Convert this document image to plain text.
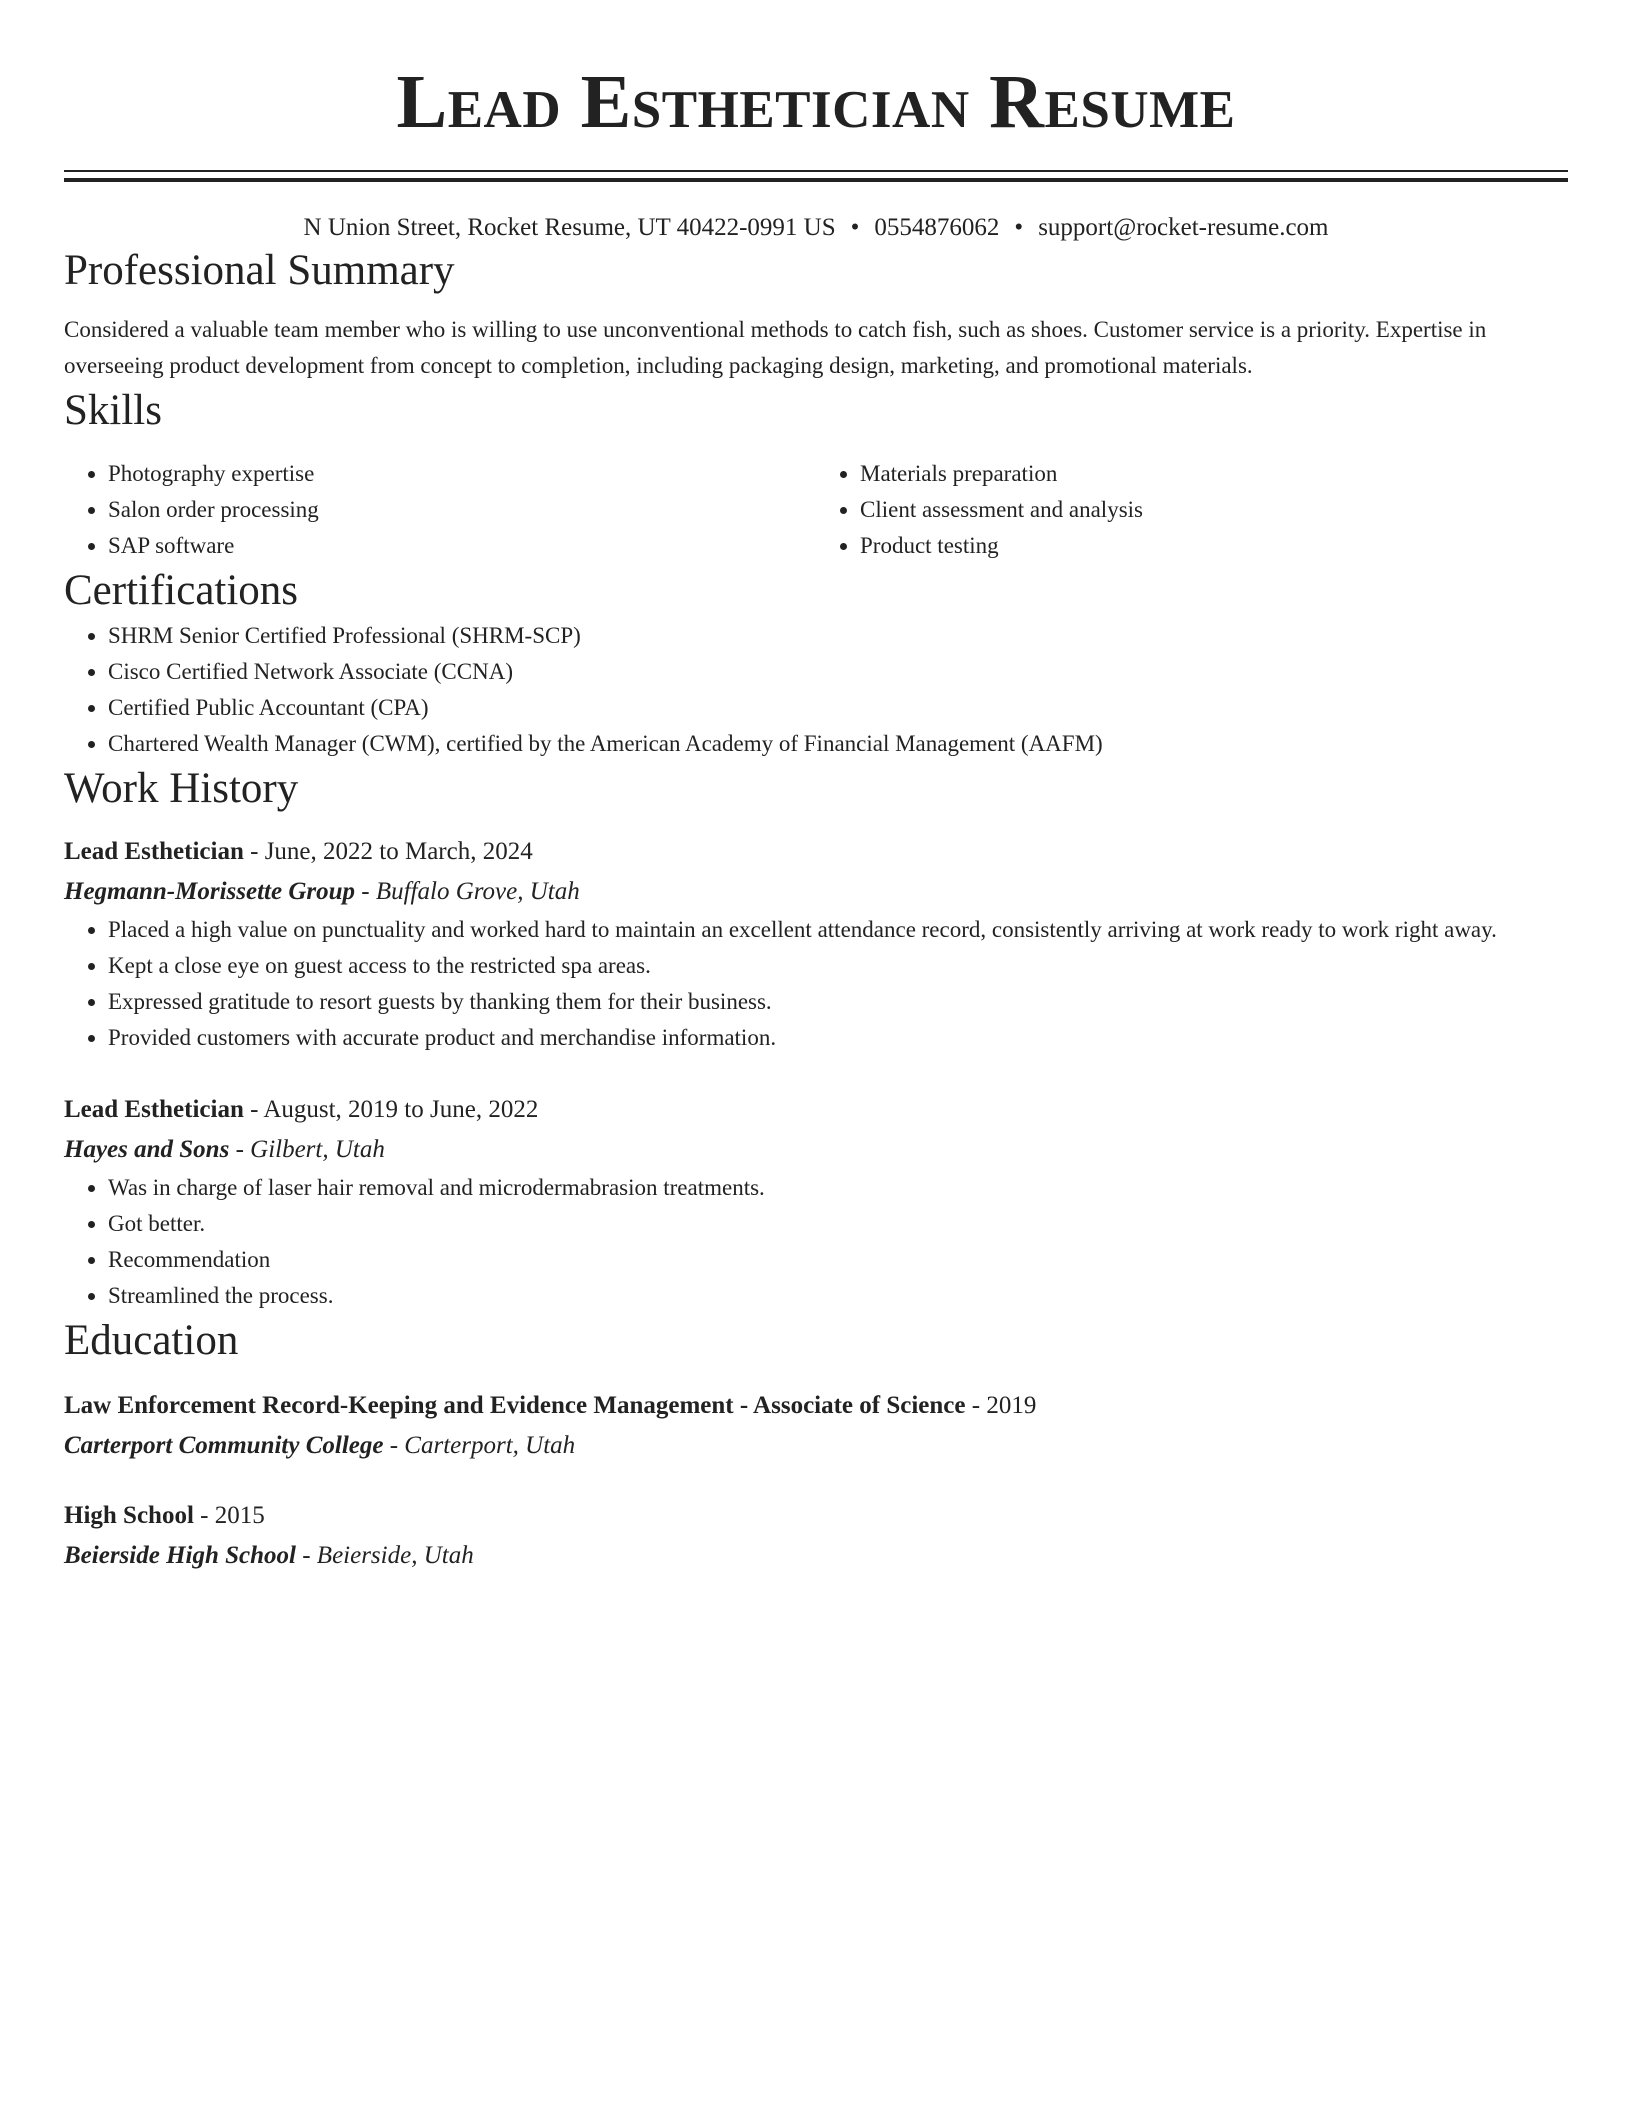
Lead Esthetician Resume
N Union Street, Rocket Resume, UT 40422-0991 US • 0554876062 • support@rocket-resume.com
Professional Summary

Considered a valuable team member who is willing to use unconventional methods to catch fish, such as shoes. Customer service is a priority. Expertise in overseeing product development from concept to completion, including packaging design, marketing, and promotional materials.

Skills
• Photography expertise
• Salon order processing
• SAP software
• Materials preparation
• Client assessment and analysis
• Product testing
Certifications
• SHRM Senior Certified Professional (SHRM-SCP)
• Cisco Certified Network Associate (CCNA)
• Certified Public Accountant (CPA)
• Chartered Wealth Manager (CWM), certified by the American Academy of Financial Management (AAFM)
Work History
Lead Esthetician - June, 2022 to March, 2024
Hegmann-Morissette Group - Buffalo Grove, Utah
• Placed a high value on punctuality and worked hard to maintain an excellent attendance record, consistently arriving at work ready to work right away.
• Kept a close eye on guest access to the restricted spa areas.
• Expressed gratitude to resort guests by thanking them for their business.
• Provided customers with accurate product and merchandise information.
Lead Esthetician - August, 2019 to June, 2022
Hayes and Sons - Gilbert, Utah
• Was in charge of laser hair removal and microdermabrasion treatments.
• Got better.
• Recommendation
• Streamlined the process.
Education
Law Enforcement Record-Keeping and Evidence Management - Associate of Science - 2019
Carterport Community College - Carterport, Utah
High School - 2015
Beierside High School - Beierside, Utah
